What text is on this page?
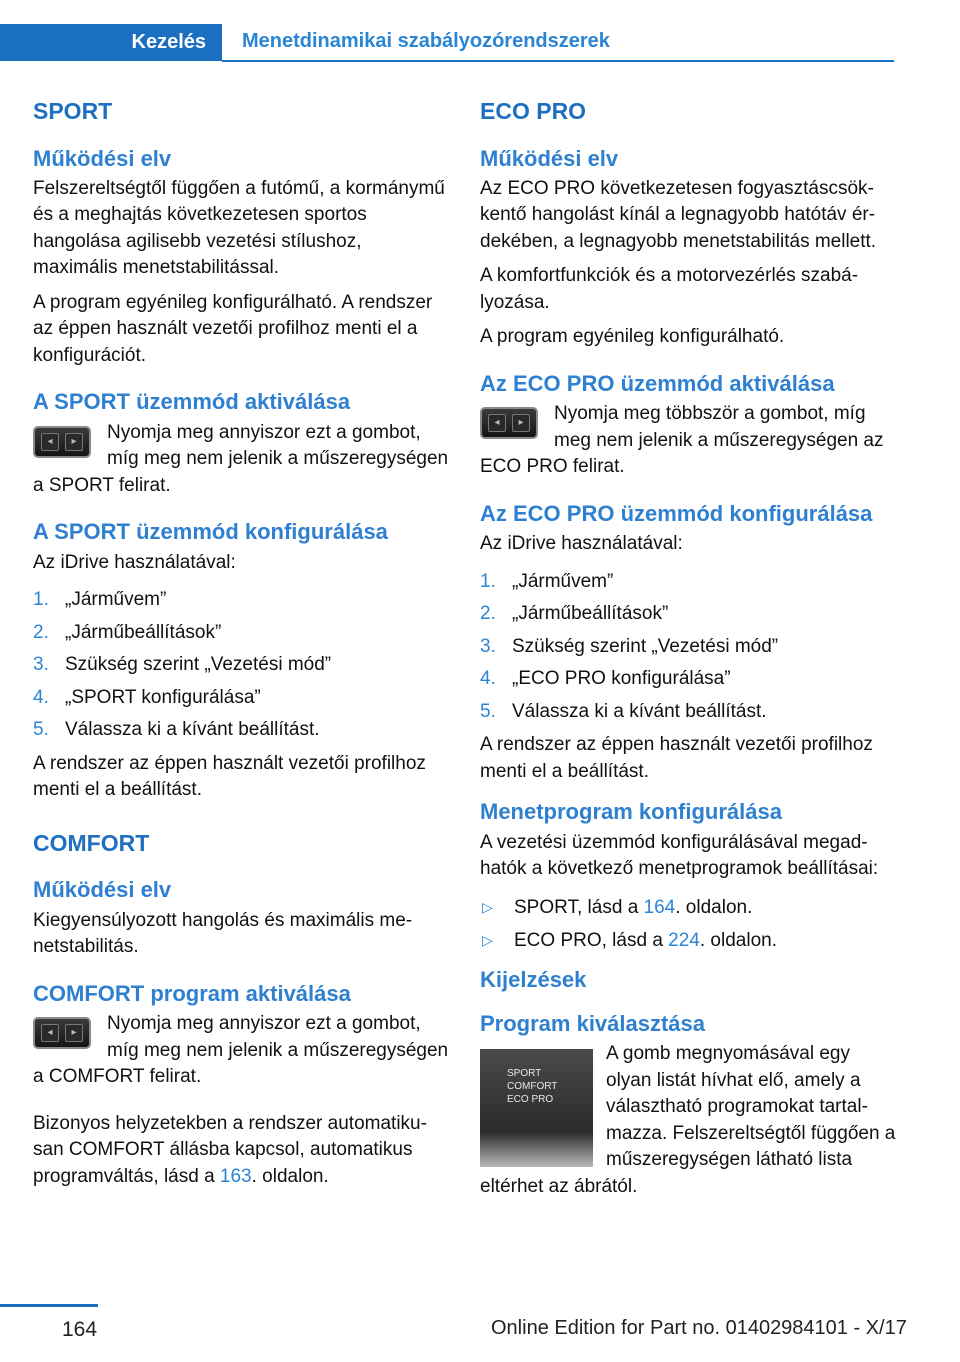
Kezelés Menetdinamikai szabályozórendszerek
SPORT
Működési elv

Felszereltségtől függően a futómű, a kormánymű és a meghajtás következetesen sportos hangolása agilisebb vezetési stílushoz, maximális menetstabilitással.

A program egyénileg konfigurálható. A rendszer az éppen használt vezetői profilhoz menti el a konfigurációt.

A SPORT üzemmód aktiválása
◂	▸	Nyomja meg annyiszor ezt a gombot, míg meg nem jelenik a műszeregységen a SPORT felirat.

A SPORT üzemmód konfigurálása

Az iDrive használatával:

1. „Járművem”
2. „Járműbeállítások”
3. Szükség szerint „Vezetési mód”
4. „SPORT konfigurálása”
5. Válassza ki a kívánt beállítást.

A rendszer az éppen használt vezetői profilhoz menti el a beállítást.

COMFORT
Működési elv

Kiegyensúlyozott hangolás és maximális menetstabilitás.

COMFORT program aktiválása
◂	▸	Nyomja meg annyiszor ezt a gombot, míg meg nem jelenik a műszeregységen a COMFORT felirat.

Bizonyos helyzetekben a rendszer automatikusan COMFORT állásba kapcsol, automatikus programváltás, lásd a 163. oldalon.

ECO PRO
Működési elv

Az ECO PRO következetesen fogyasztáscsökkentő hangolást kínál a legnagyobb hatótáv érdekében, a legnagyobb menetstabilitás mellett.

A komfortfunkciók és a motorvezérlés szabályozása.

A program egyénileg konfigurálható.

Az ECO PRO üzemmód aktiválása
◂	▸	Nyomja meg többször a gombot, míg meg nem jelenik a műszeregységen az ECO PRO felirat.

Az ECO PRO üzemmód konfigurálása

Az iDrive használatával:

1. „Járművem”
2. „Járműbeállítások”
3. Szükség szerint „Vezetési mód”
4. „ECO PRO konfigurálása”
5. Válassza ki a kívánt beállítást.

A rendszer az éppen használt vezetői profilhoz menti el a beállítást.

Menetprogram konfigurálása

A vezetési üzemmód konfigurálásával megadhatók a következő menetprogramok beállításai:

▷	SPORT, lásd a 164. oldalon.
▷	ECO PRO, lásd a 224. oldalon.
Kijelzések
Program kiválasztása
SPORT
COMFORT
ECO PRO

A gomb megnyomásával egy olyan listát hívhat elő, amely a választható programokat tartalmazza. Felszereltségtől függően a műszeregységen látható lista eltérhet az ábrától.

164	Online Edition for Part no. 01402984101 - X/17
